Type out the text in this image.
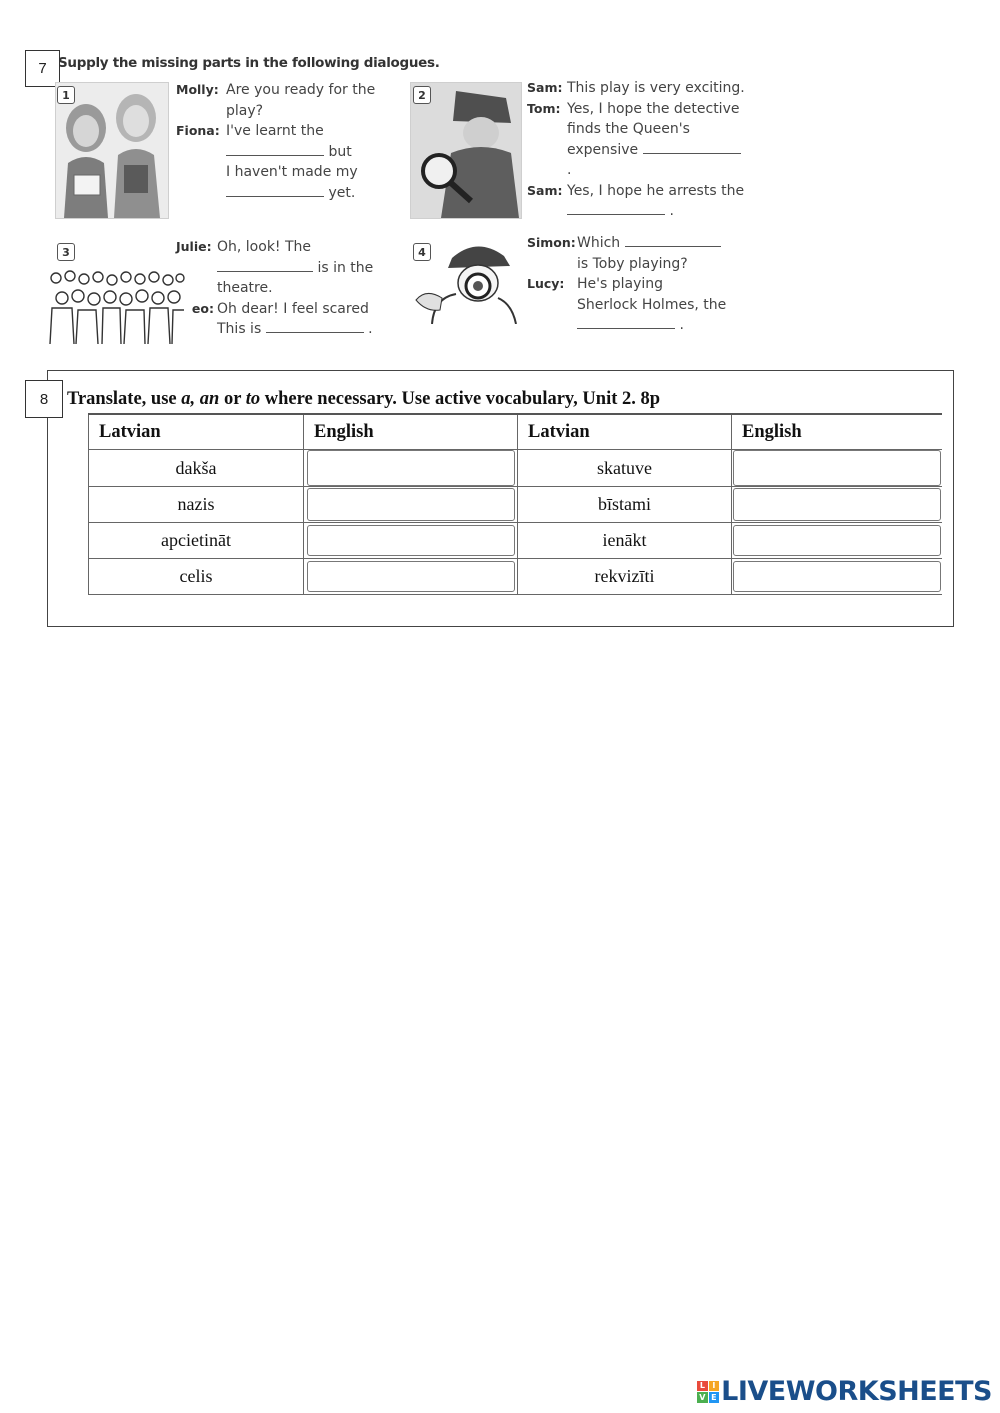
7 Supply the missing parts in the following dialogues.
1	Molly: Are you ready for the play?
Fiona: I've learnt the
but
I haven't made my
yet.
2	Sam: This play is very exciting.
Tom: Yes, I hope the detective finds the Queen's
expensive  .
Sam: Yes, I hope he arrests the
.
3	Julie: Oh, look! The
is in the theatre.
eo: Oh dear! I feel scared
This is	.
4
Simon: Which
is Toby playing?
Lucy: He's playing Sherlock Holmes, the
.
8	Translate, use a, an or to where necessary. Use active vocabulary, Unit 2. 8p
Latvian	English	Latvian	English
dakša		skatuve	

nazis		bīstami	

apcietināt		ienākt	

celis		rekvizīti	
L I
V E LIVEWORKSHEETS
